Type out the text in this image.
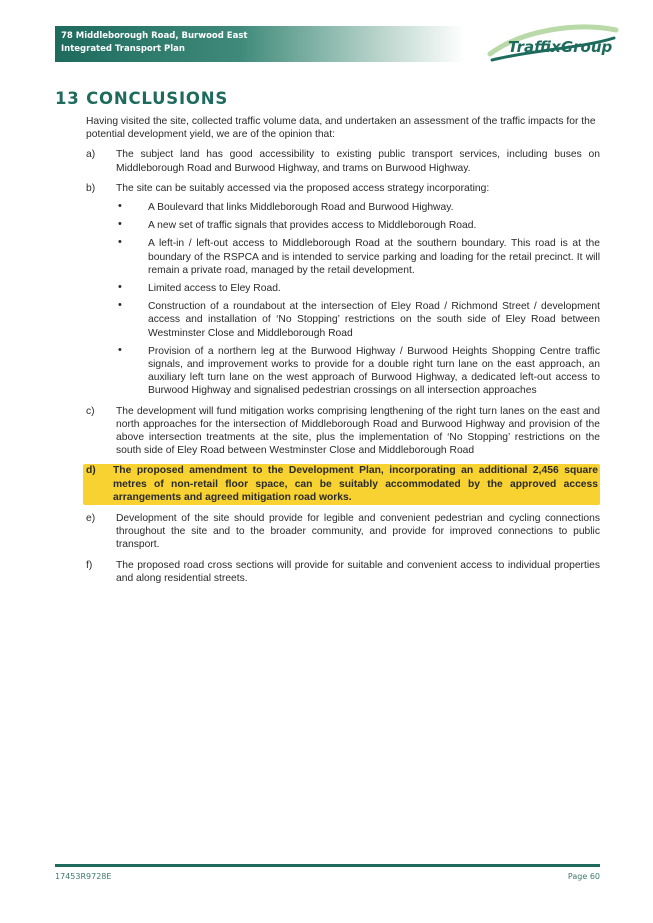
78 Middleborough Road, Burwood East
Integrated Transport Plan	TraffixGroup
13 CONCLUSIONS

Having visited the site, collected traffic volume data, and undertaken an assessment of the traffic impacts for the potential development yield, we are of the opinion that:

a) The subject land has good accessibility to existing public transport services, including buses on Middleborough Road and Burwood Highway, and trams on Burwood Highway.
b) The site can be suitably accessed via the proposed access strategy incorporating:
•	A Boulevard that links Middleborough Road and Burwood Highway.
•	A new set of traffic signals that provides access to Middleborough Road.
•	A left-in / left-out access to Middleborough Road at the southern boundary. This road is at the boundary of the RSPCA and is intended to service parking and loading for the retail precinct. It will remain a private road, managed by the retail development.
•	Limited access to Eley Road.
•	Construction of a roundabout at the intersection of Eley Road / Richmond Street / development access and installation of ‘No Stopping’ restrictions on the south side of Eley Road between Westminster Close and Middleborough Road
•	Provision of a northern leg at the Burwood Highway / Burwood Heights Shopping Centre traffic signals, and improvement works to provide for a double right turn lane on the east approach, an auxiliary left turn lane on the west approach of Burwood Highway, a dedicated left-out access to Burwood Highway and signalised pedestrian crossings on all intersection approaches
c) The development will fund mitigation works comprising lengthening of the right turn lanes on the east and north approaches for the intersection of Middleborough Road and Burwood Highway and provision of the above intersection treatments at the site, plus the implementation of ‘No Stopping’ restrictions on the south side of Eley Road between Westminster Close and Middleborough Road
d) The proposed amendment to the Development Plan, incorporating an additional 2,456 square metres of non-retail floor space, can be suitably accommodated by the approved access arrangements and agreed mitigation road works.
e) Development of the site should provide for legible and convenient pedestrian and cycling connections throughout the site and to the broader community, and provide for improved connections to public transport.
f) The proposed road cross sections will provide for suitable and convenient access to individual properties and along residential streets.
17453R9728E	Page 60
